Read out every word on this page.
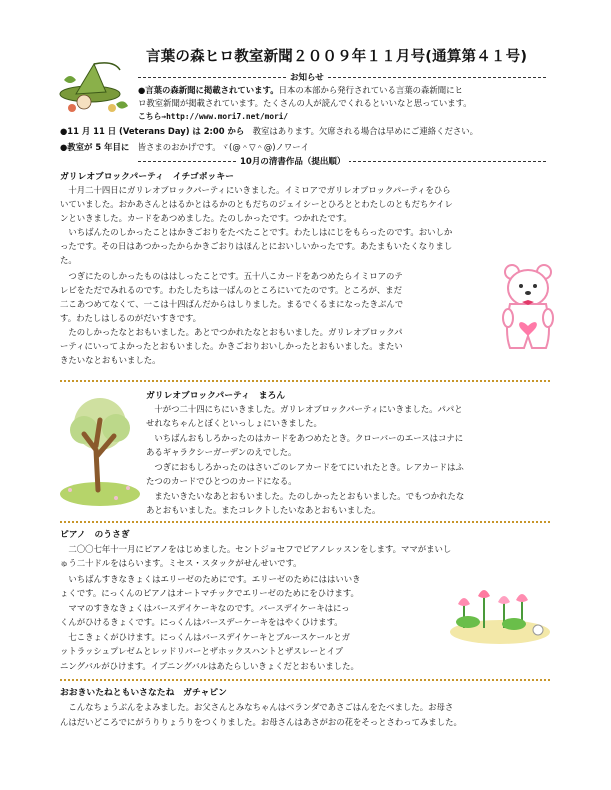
言葉の森ヒロ教室新聞２００９年１１月号(通算第４１号)
お知らせ
●言葉の森新聞に掲載されています。日本の本部から発行されている言葉の森新聞にヒ
ロ教室新聞が掲載されています。たくさんの人が読んでくれるといいなと思っています。
こちら→http://www.mori7.net/mori/
●11 月 11 日 (Veterans Day) は 2:00 から　教室はあります。欠席される場合は早めにご連絡ください。
●教室が 5 年目に　皆さまのおかげです。ヾ(@＾▽＾@)ノワーイ
10月の清書作品（提出順）
ガリレオブロックパーティ　イチゴポッキー
　十月二十四日にガリレオブロックパーティにいきました。イミロアでガリレオブロックパーティをひら
いていました。おかあさんとはるかとはるかのともだちのジェイシーとひろととわたしのともだちケイレ
ンといきました。カードをあつめました。たのしかったです。つかれたです。
　いちばんたのしかったことはかきごおりをたべたことです。わたしはにじをもらったのです。おいしか
ったです。その日はあつかったからかきごおりはほんとにおいしいかったです。あたまもいたくなりまし
た。
　つぎにたのしかったものははしったことです。五十八こカードをあつめたらイミロアのテ
レビをただでみれるのです。わたしたちは一ばんのところにいてたのです。ところが、まだ
二こあつめてなくて、一こは十四ばんだからはしりました。まるでくるまになったきぶんで
す。わたしはしるのがだいすきです。
　たのしかったなとおもいました。あとでつかれたなとおもいました。ガリレオブロックパ
ーティにいってよかったとおもいました。かきごおりおいしかったとおもいました。またい
きたいなとおもいました。
ガリレオブロックパーティ　まろん
　十がつ二十四にちにいきました。ガリレオブロックパーティにいきました。パパと
せれなちゃんとぼくといっしょにいきました。
　いちばんおもしろかったのはカードをあつめたとき。クローバーのエースはコナに
あるギャラクシーガーデンのえでした。
　つぎにおもしろかったのはさいごのレアカードをてにいれたとき。レアカードはふ
たつのカードでひとつのカードになる。
　またいきたいなあとおもいました。たのしかったとおもいました。でもつかれたな
あとおもいました。またコレクトしたいなあとおもいました。
ピアノ　のうさぎ
　二〇〇七年十一月にピアノをはじめました。セントジョセフでピアノレッスンをします。ママがまいし
ゅう二十ドルをはらいます。ミセス・スタックがせんせいです。
　いちばんすきなきょくはエリーゼのためにです。エリーゼのためにははいいき
ょくです。にっくんのピアノはオートマチックでエリーゼのためにをひけます。
　ママのすきなきょくはバースデイケーキなのです。バースデイケーキはにっ
くんがひけるきょくです。にっくんはバースデーケーキをはやくひけます。
　七こきょくがひけます。にっくんはバースデイケーキとブルースケールとガ
ットラッシュプレゼムとレッドリバーとザホックスハントとザスレーとイブ
ニングバルがひけます。イブニングバルはあたらしいきょくだとおもいました。
おおきいたねともいさなたね　ガチャピン
　こんなちょうぶんをよみました。お父さんとみなちゃんはベランダであさごはんをたべました。お母さ
んはだいどころでにがうりりょうりをつくりました。お母さんはあさがおの花をそっとさわってみました。
